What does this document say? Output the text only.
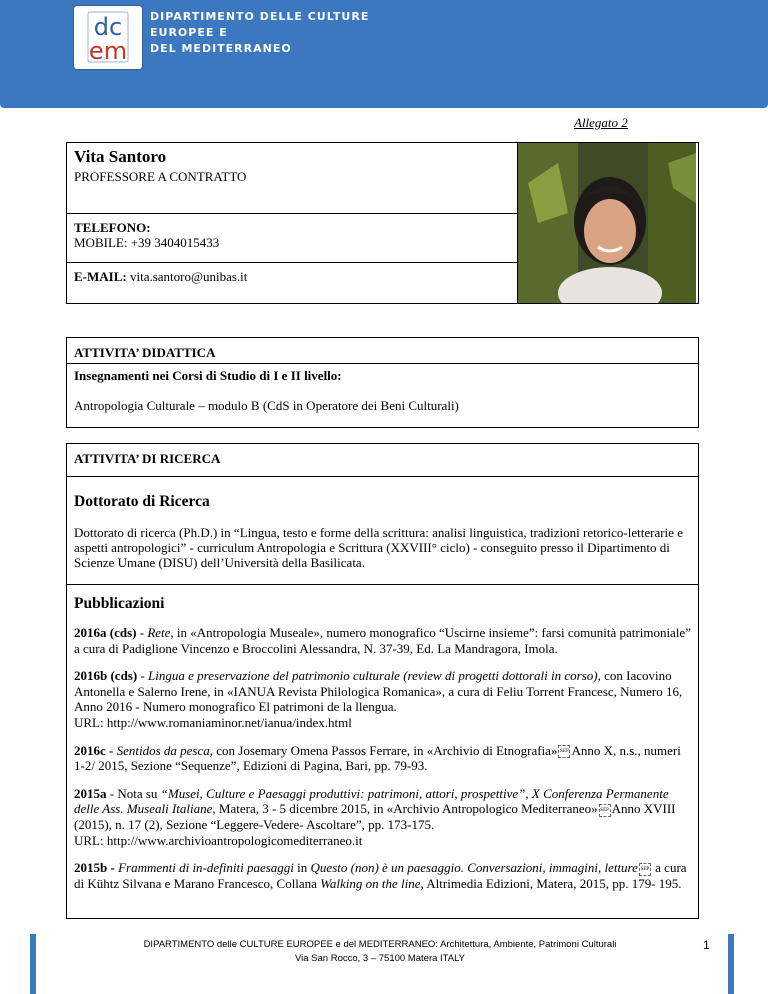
dc
em
DIPARTIMENTO DELLE CULTURE
EUROPEE E
DEL MEDITERRANEO
Allegato 2
Vita Santoro
PROFESSORE A CONTRATTO
TELEFONO:
MOBILE: +39 3404015433
E-MAIL: vita.santoro@unibas.it

ATTIVITA’ DIDATTICA
Insegnamenti nei Corsi di Studio di I e II livello:

Antropologia Culturale – modulo B (CdS in Operatore dei Beni Culturali)

ATTIVITA’ DI RICERCA
Dottorato di Ricerca

Dottorato di ricerca (Ph.D.) in “Lingua, testo e forme della scrittura: analisi linguistica, tradizioni retorico-letterarie e aspetti antropologici” - curriculum Antropologia e Scrittura (XXVIII° ciclo) - conseguito presso il Dipartimento di Scienze Umane (DISU) dell’Università della Basilicata.

Pubblicazioni
2016a (cds) - Rete, in «Antropologia Museale», numero monografico “Uscirne insieme”: farsi comunità patrimoniale” a cura di Padiglione Vincenzo e Broccolini Alessandra, N. 37-39, Ed. La Mandragora, Imola.
2016b (cds) - Lingua e preservazione del patrimonio culturale (review di progetti dottorali in corso), con Iacovino Antonella e Salerno Irene, in «IANUA Revista Philologica Romanica», a cura di Feliu Torrent Francesc, Numero 16, Anno 2016 - Numero monografico El patrimoni de la llengua.
URL: http://www.romaniaminor.net/ianua/index.html
2016c - Sentidos da pesca, con Josemary Omena Passos Ferrare, in «Archivio di Etnografia» SEP Anno X, n.s., numeri 1-2/ 2015, Sezione “Sequenze”, Edizioni di Pagina, Bari, pp. 79-93.
2015a - Nota su “Musei, Culture e Paesaggi produttivi: patrimoni, attori, prospettive”, X Conferenza Permanente delle Ass. Museali Italiane, Matera, 3 - 5 dicembre 2015, in «Archivio Antropologico Mediterraneo» SEP Anno XVIII (2015), n. 17 (2), Sezione “Leggere-Vedere- Ascoltare”, pp. 173-175.
URL: http://www.archivioantropologicomediterraneo.it
2015b - Frammenti di in-definiti paesaggi in Questo (non) è un paesaggio. Conversazioni, immagini, letture SEP a cura di Kühtz Silvana e Marano Francesco, Collana Walking on the line, Altrimedia Edizioni, Matera, 2015, pp. 179- 195.
DIPARTIMENTO delle CULTURE EUROPEE e del MEDITERRANEO: Architettura, Ambiente, Patrimoni Culturali
Via San Rocco, 3 – 75100 Matera ITALY
1
